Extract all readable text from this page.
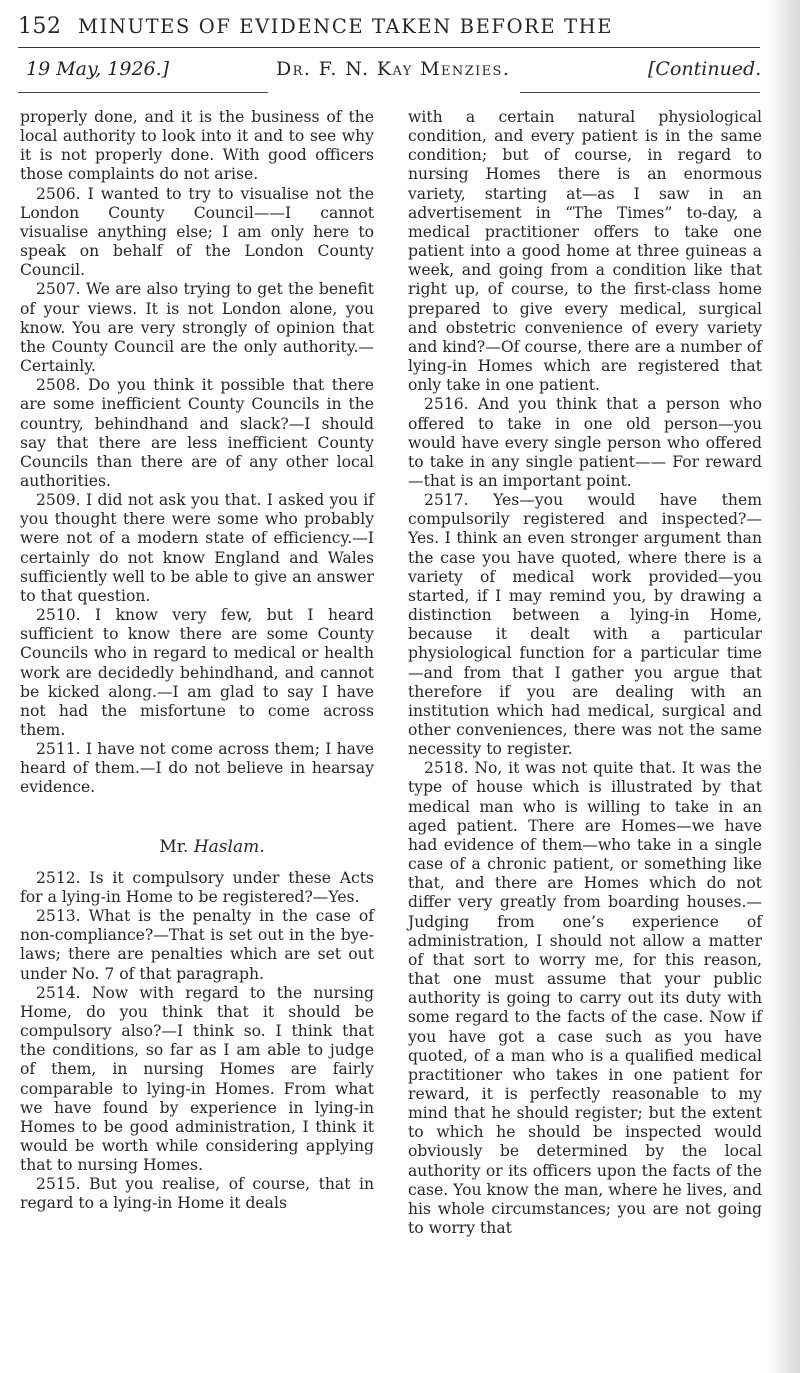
152 MINUTES OF EVIDENCE TAKEN BEFORE THE
19 May, 1926.]	Dr. F. N. Kay Menzies.	[Continued.

properly done, and it is the business of the local authority to look into it and to see why it is not properly done. With good officers those complaints do not arise.

2506. I wanted to try to visualise not the London County Council——I cannot visualise anything else; I am only here to speak on behalf of the London County Council.

2507. We are also trying to get the benefit of your views. It is not London alone, you know. You are very strongly of opinion that the County Council are the only authority.—Certainly.

2508. Do you think it possible that there are some inefficient County Councils in the country, behindhand and slack?—I should say that there are less inefficient County Councils than there are of any other local authorities.

2509. I did not ask you that. I asked you if you thought there were some who probably were not of a modern state of efficiency.—I certainly do not know England and Wales sufficiently well to be able to give an answer to that question.

2510. I know very few, but I heard sufficient to know there are some County Councils who in regard to medical or health work are decidedly behindhand, and cannot be kicked along.—I am glad to say I have not had the misfortune to come across them.

2511. I have not come across them; I have heard of them.—I do not believe in hearsay evidence.

Mr. Haslam.

2512. Is it compulsory under these Acts for a lying-in Home to be registered?—Yes.

2513. What is the penalty in the case of non-compliance?—That is set out in the bye-laws; there are penalties which are set out under No. 7 of that paragraph.

2514. Now with regard to the nursing Home, do you think that it should be compulsory also?—I think so. I think that the conditions, so far as I am able to judge of them, in nursing Homes are fairly comparable to lying-in Homes. From what we have found by experience in lying-in Homes to be good administration, I think it would be worth while considering applying that to nursing Homes.

2515. But you realise, of course, that in regard to a lying-in Home it deals

with a certain natural physiological condition, and every patient is in the same condition; but of course, in regard to nursing Homes there is an enormous variety, starting at—as I saw in an advertisement in “The Times” to-day, a medical practitioner offers to take one patient into a good home at three guineas a week, and going from a condition like that right up, of course, to the first-class home prepared to give every medical, surgical and obstetric convenience of every variety and kind?—Of course, there are a number of lying-in Homes which are registered that only take in one patient.

2516. And you think that a person who offered to take in one old person—you would have every single person who offered to take in any single patient—— For reward—that is an important point.

2517. Yes—you would have them compulsorily registered and inspected?—Yes. I think an even stronger argument than the case you have quoted, where there is a variety of medical work provided—you started, if I may remind you, by drawing a distinction between a lying-in Home, because it dealt with a particular physiological function for a particular time—and from that I gather you argue that therefore if you are dealing with an institution which had medical, surgical and other conveniences, there was not the same necessity to register.

2518. No, it was not quite that. It was the type of house which is illustrated by that medical man who is willing to take in an aged patient. There are Homes—we have had evidence of them—who take in a single case of a chronic patient, or something like that, and there are Homes which do not differ very greatly from boarding houses.—Judging from one’s experience of administration, I should not allow a matter of that sort to worry me, for this reason, that one must assume that your public authority is going to carry out its duty with some regard to the facts of the case. Now if you have got a case such as you have quoted, of a man who is a qualified medical practitioner who takes in one patient for reward, it is perfectly reasonable to my mind that he should register; but the extent to which he should be inspected would obviously be determined by the local authority or its officers upon the facts of the case. You know the man, where he lives, and his whole circumstances; you are not going to worry that
